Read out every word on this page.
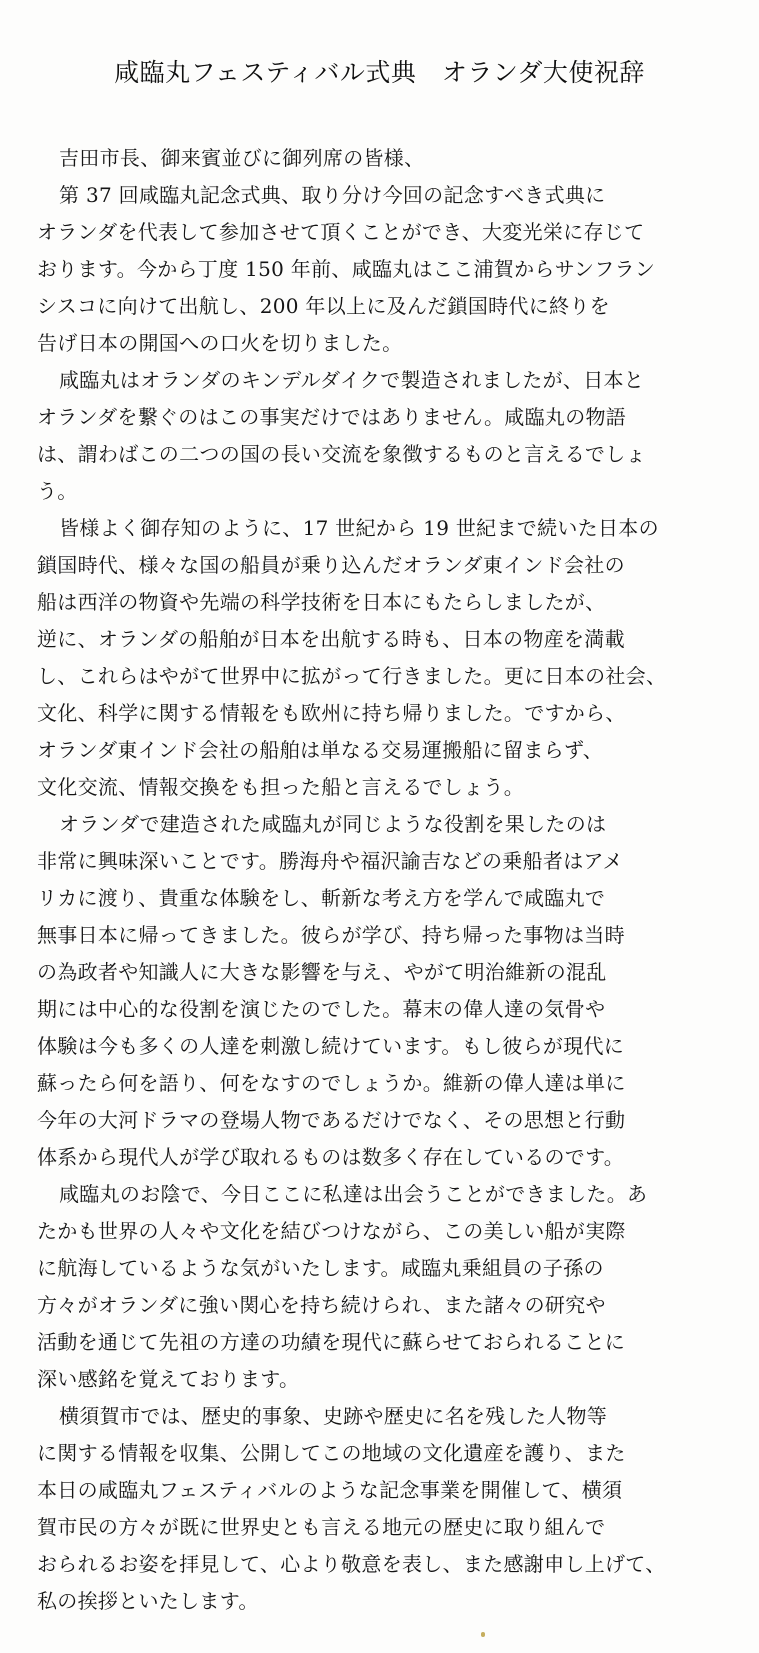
咸臨丸フェスティバル式典　オランダ大使祝辞
吉田市長、御来賓並びに御列席の皆様、
第 37 回咸臨丸記念式典、取り分け今回の記念すべき式典に
オランダを代表して参加させて頂くことができ、大変光栄に存じて
おります。今から丁度 150 年前、咸臨丸はここ浦賀からサンフラン
シスコに向けて出航し、200 年以上に及んだ鎖国時代に終りを
告げ日本の開国への口火を切りました。
咸臨丸はオランダのキンデルダイクで製造されましたが、日本と
オランダを繋ぐのはこの事実だけではありません。咸臨丸の物語
は、謂わばこの二つの国の長い交流を象徴するものと言えるでしょ
う。
皆様よく御存知のように、17 世紀から 19 世紀まで続いた日本の
鎖国時代、様々な国の船員が乗り込んだオランダ東インド会社の
船は西洋の物資や先端の科学技術を日本にもたらしましたが、
逆に、オランダの船舶が日本を出航する時も、日本の物産を満載
し、これらはやがて世界中に拡がって行きました。更に日本の社会、
文化、科学に関する情報をも欧州に持ち帰りました。ですから、
オランダ東インド会社の船舶は単なる交易運搬船に留まらず、
文化交流、情報交換をも担った船と言えるでしょう。
オランダで建造された咸臨丸が同じような役割を果したのは
非常に興味深いことです。勝海舟や福沢諭吉などの乗船者はアメ
リカに渡り、貴重な体験をし、斬新な考え方を学んで咸臨丸で
無事日本に帰ってきました。彼らが学び、持ち帰った事物は当時
の為政者や知識人に大きな影響を与え、やがて明治維新の混乱
期には中心的な役割を演じたのでした。幕末の偉人達の気骨や
体験は今も多くの人達を刺激し続けています。もし彼らが現代に
蘇ったら何を語り、何をなすのでしょうか。維新の偉人達は単に
今年の大河ドラマの登場人物であるだけでなく、その思想と行動
体系から現代人が学び取れるものは数多く存在しているのです。
咸臨丸のお陰で、今日ここに私達は出会うことができました。あ
たかも世界の人々や文化を結びつけながら、この美しい船が実際
に航海しているような気がいたします。咸臨丸乗組員の子孫の
方々がオランダに強い関心を持ち続けられ、また諸々の研究や
活動を通じて先祖の方達の功績を現代に蘇らせておられることに
深い感銘を覚えております。
横須賀市では、歴史的事象、史跡や歴史に名を残した人物等
に関する情報を収集、公開してこの地域の文化遺産を護り、また
本日の咸臨丸フェスティバルのような記念事業を開催して、横須
賀市民の方々が既に世界史とも言える地元の歴史に取り組んで
おられるお姿を拝見して、心より敬意を表し、また感謝申し上げて、
私の挨拶といたします。
